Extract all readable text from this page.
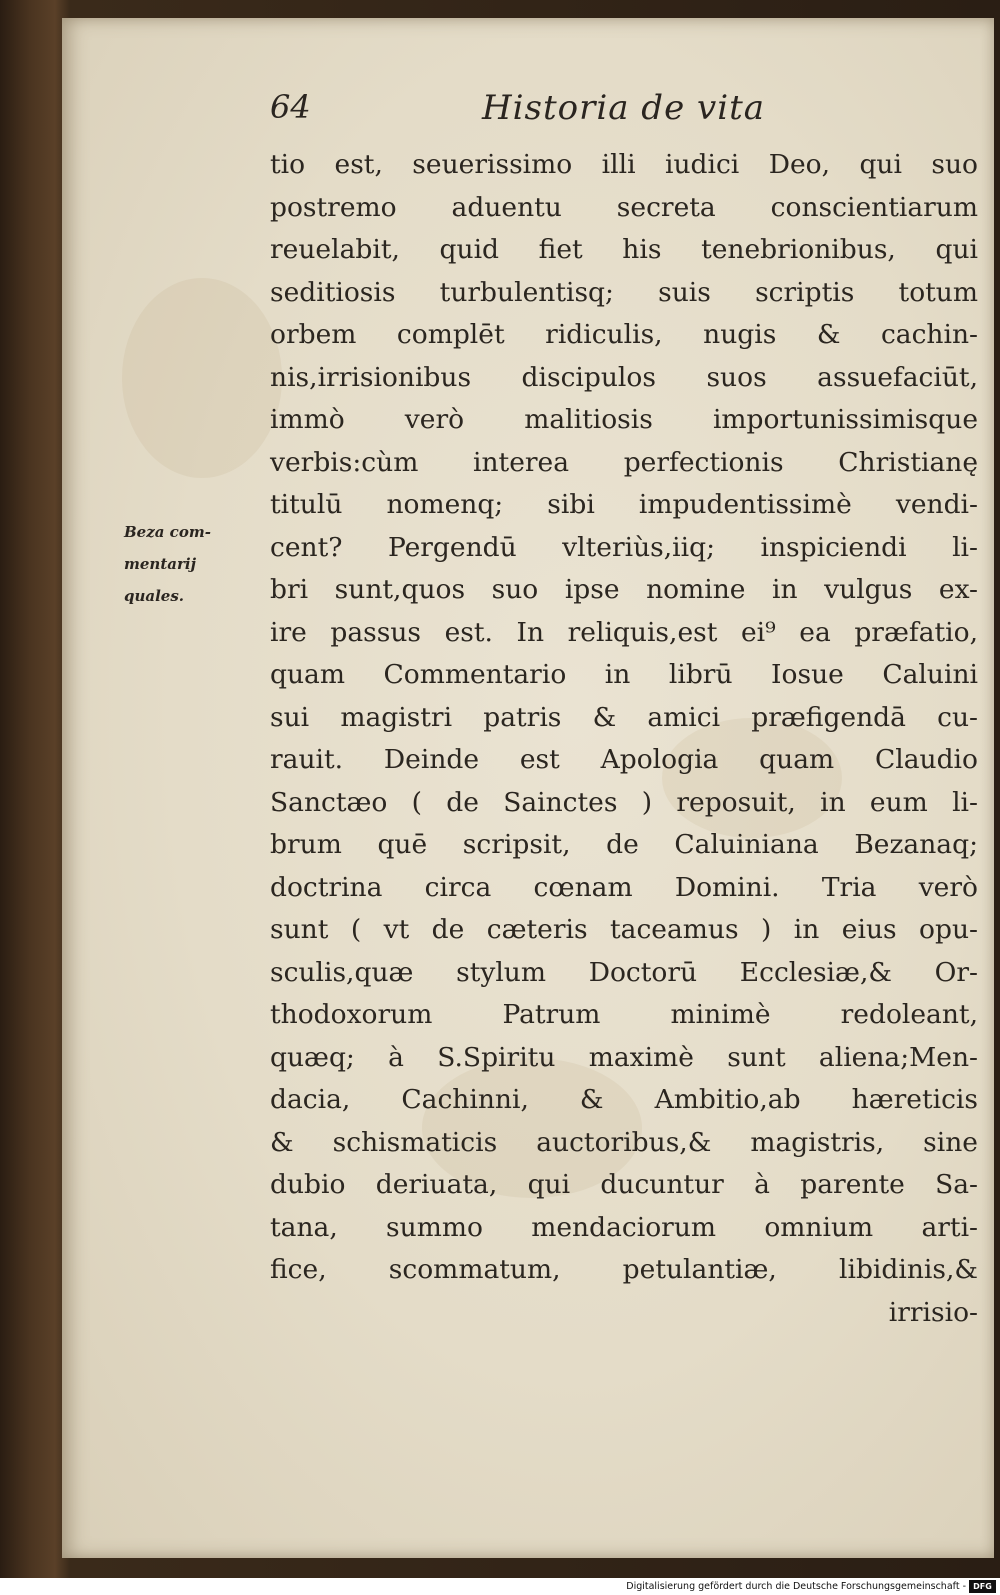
64	Historia de vita
Beza com-
mentarij
quales.
tio est, seuerissimo illi iudici Deo, qui suo
postremo aduentu secreta conscientiarum
reuelabit, quid fiet his tenebrionibus, qui
seditiosis turbulentisq; suis scriptis totum
orbem complēt ridiculis, nugis & cachin-
nis,irrisionibus discipulos suos assuefaciūt,
immò verò malitiosis importunissimisque
verbis:cùm interea perfectionis Christianę
titulū nomenq; sibi impudentissimè vendi-
cent? Pergendū vlteriùs,iiq; inspiciendi li-
bri sunt,quos suo ipse nomine in vulgus ex-
ire passus est. In reliquis,est ei⁹ ea præfatio,
quam Commentario in librū Iosue Caluini
sui magistri patris & amici præfigendā cu-
rauit. Deinde est Apologia quam Claudio
Sanctæo ( de Sainctes ) reposuit, in eum li-
brum quē scripsit, de Caluiniana Bezanaq;
doctrina circa cœnam Domini. Tria verò
sunt ( vt de cæteris taceamus ) in eius opu-
sculis,quæ stylum Doctorū Ecclesiæ,& Or-
thodoxorum Patrum minimè redoleant,
quæq; à S.Spiritu maximè sunt aliena;Men-
dacia, Cachinni, & Ambitio,ab hæreticis
& schismaticis auctoribus,& magistris, sine
dubio deriuata, qui ducuntur à parente Sa-
tana, summo mendaciorum omnium arti-
fice, scommatum, petulantiæ, libidinis,&
irrisio-
Digitalisierung gefördert durch die Deutsche Forschungsgemeinschaft - DFG
